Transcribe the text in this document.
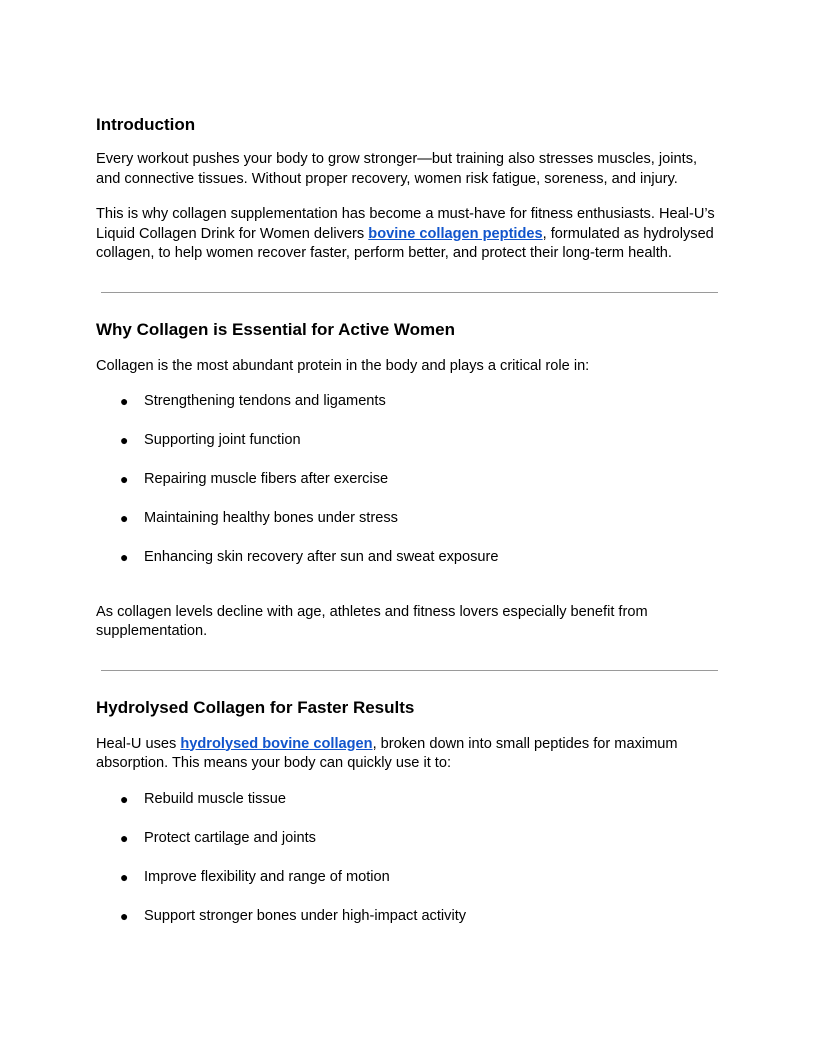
Introduction

Every workout pushes your body to grow stronger—but training also stresses muscles, joints, and connective tissues. Without proper recovery, women risk fatigue, soreness, and injury.

This is why collagen supplementation has become a must-have for fitness enthusiasts. Heal-U’s Liquid Collagen Drink for Women delivers bovine collagen peptides, formulated as hydrolysed collagen, to help women recover faster, perform better, and protect their long-term health.

Why Collagen is Essential for Active Women

Collagen is the most abundant protein in the body and plays a critical role in:

● Strengthening tendons and ligaments
● Supporting joint function
● Repairing muscle fibers after exercise
● Maintaining healthy bones under stress
● Enhancing skin recovery after sun and sweat exposure

As collagen levels decline with age, athletes and fitness lovers especially benefit from supplementation.

Hydrolysed Collagen for Faster Results

Heal-U uses hydrolysed bovine collagen, broken down into small peptides for maximum absorption. This means your body can quickly use it to:

● Rebuild muscle tissue
● Protect cartilage and joints
● Improve flexibility and range of motion
● Support stronger bones under high-impact activity
